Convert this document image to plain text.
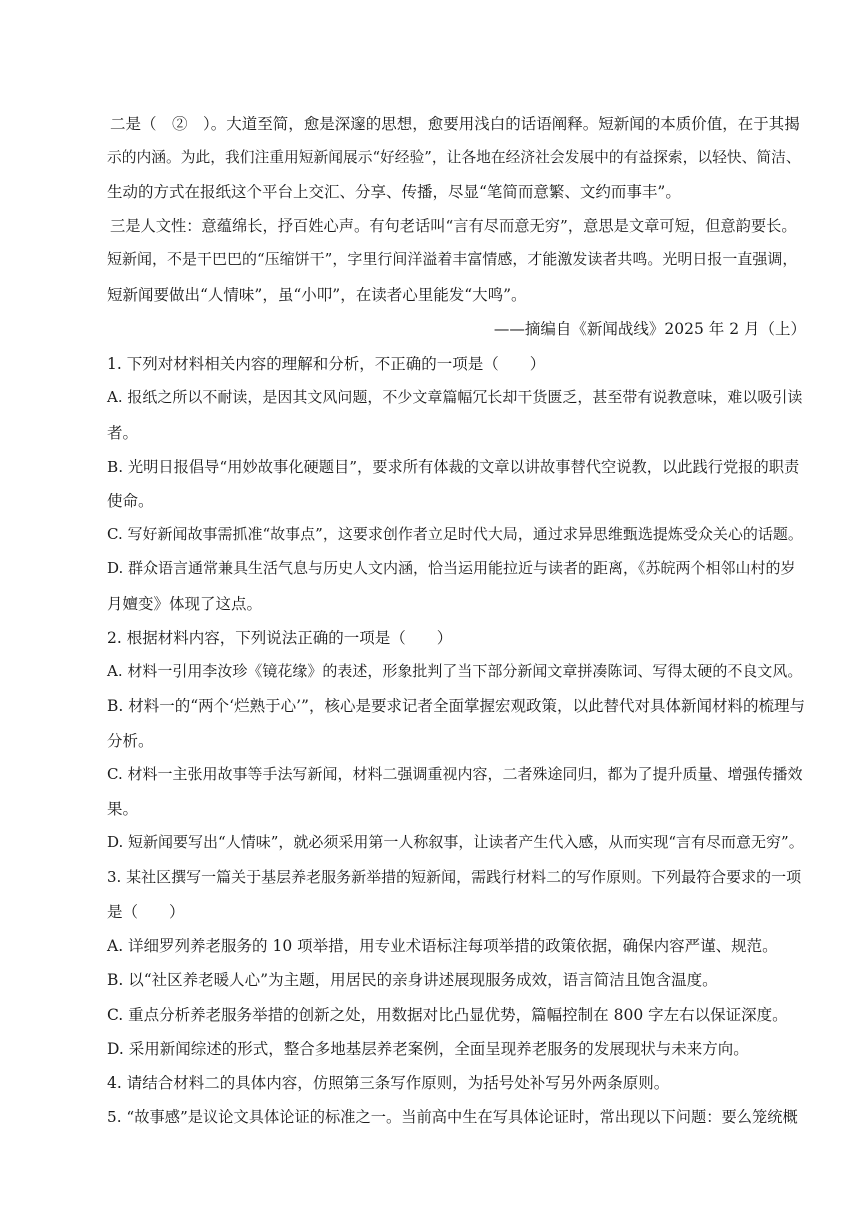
二是（　②　）。大道至简，愈是深邃的思想，愈要用浅白的话语阐释。短新闻的本质价值，在于其揭
示的内涵。为此，我们注重用短新闻展示“好经验”，让各地在经济社会发展中的有益探索，以轻快、简洁、
生动的方式在报纸这个平台上交汇、分享、传播，尽显“笔简而意繁、文约而事丰”。
三是人文性：意蕴绵长，抒百姓心声。有句老话叫“言有尽而意无穷”，意思是文章可短，但意韵要长。
短新闻，不是干巴巴的“压缩饼干”，字里行间洋溢着丰富情感，才能激发读者共鸣。光明日报一直强调，
短新闻要做出“人情味”，虽“小叩”，在读者心里能发“大鸣”。
——摘编自《新闻战线》2025 年 2 月（上）
1. 下列对材料相关内容的理解和分析，不正确的一项是（　　）
A. 报纸之所以不耐读，是因其文风问题，不少文章篇幅冗长却干货匮乏，甚至带有说教意味，难以吸引读
者。
B. 光明日报倡导“用妙故事化硬题目”，要求所有体裁的文章以讲故事替代空说教，以此践行党报的职责
使命。
C. 写好新闻故事需抓准“故事点”，这要求创作者立足时代大局，通过求异思维甄选提炼受众关心的话题。
D. 群众语言通常兼具生活气息与历史人文内涵，恰当运用能拉近与读者的距离，《苏皖两个相邻山村的岁
月嬗变》体现了这点。
2. 根据材料内容，下列说法正确的一项是（　　）
A. 材料一引用李汝珍《镜花缘》的表述，形象批判了当下部分新闻文章拼凑陈词、写得太硬的不良文风。
B. 材料一的“两个‘烂熟于心’”，核心是要求记者全面掌握宏观政策，以此替代对具体新闻材料的梳理与
分析。
C. 材料一主张用故事等手法写新闻，材料二强调重视内容，二者殊途同归，都为了提升质量、增强传播效
果。
D. 短新闻要写出“人情味”，就必须采用第一人称叙事，让读者产生代入感，从而实现“言有尽而意无穷”。
3. 某社区撰写一篇关于基层养老服务新举措的短新闻，需践行材料二的写作原则。下列最符合要求的一项
是（　　）
A. 详细罗列养老服务的 10 项举措，用专业术语标注每项举措的政策依据，确保内容严谨、规范。
B. 以“社区养老暖人心”为主题，用居民的亲身讲述展现服务成效，语言简洁且饱含温度。
C. 重点分析养老服务举措的创新之处，用数据对比凸显优势，篇幅控制在 800 字左右以保证深度。
D. 采用新闻综述的形式，整合多地基层养老案例，全面呈现养老服务的发展现状与未来方向。
4. 请结合材料二的具体内容，仿照第三条写作原则，为括号处补写另外两条原则。
5. “故事感”是议论文具体论证的标准之一。当前高中生在写具体论证时，常出现以下问题：要么笼统概
